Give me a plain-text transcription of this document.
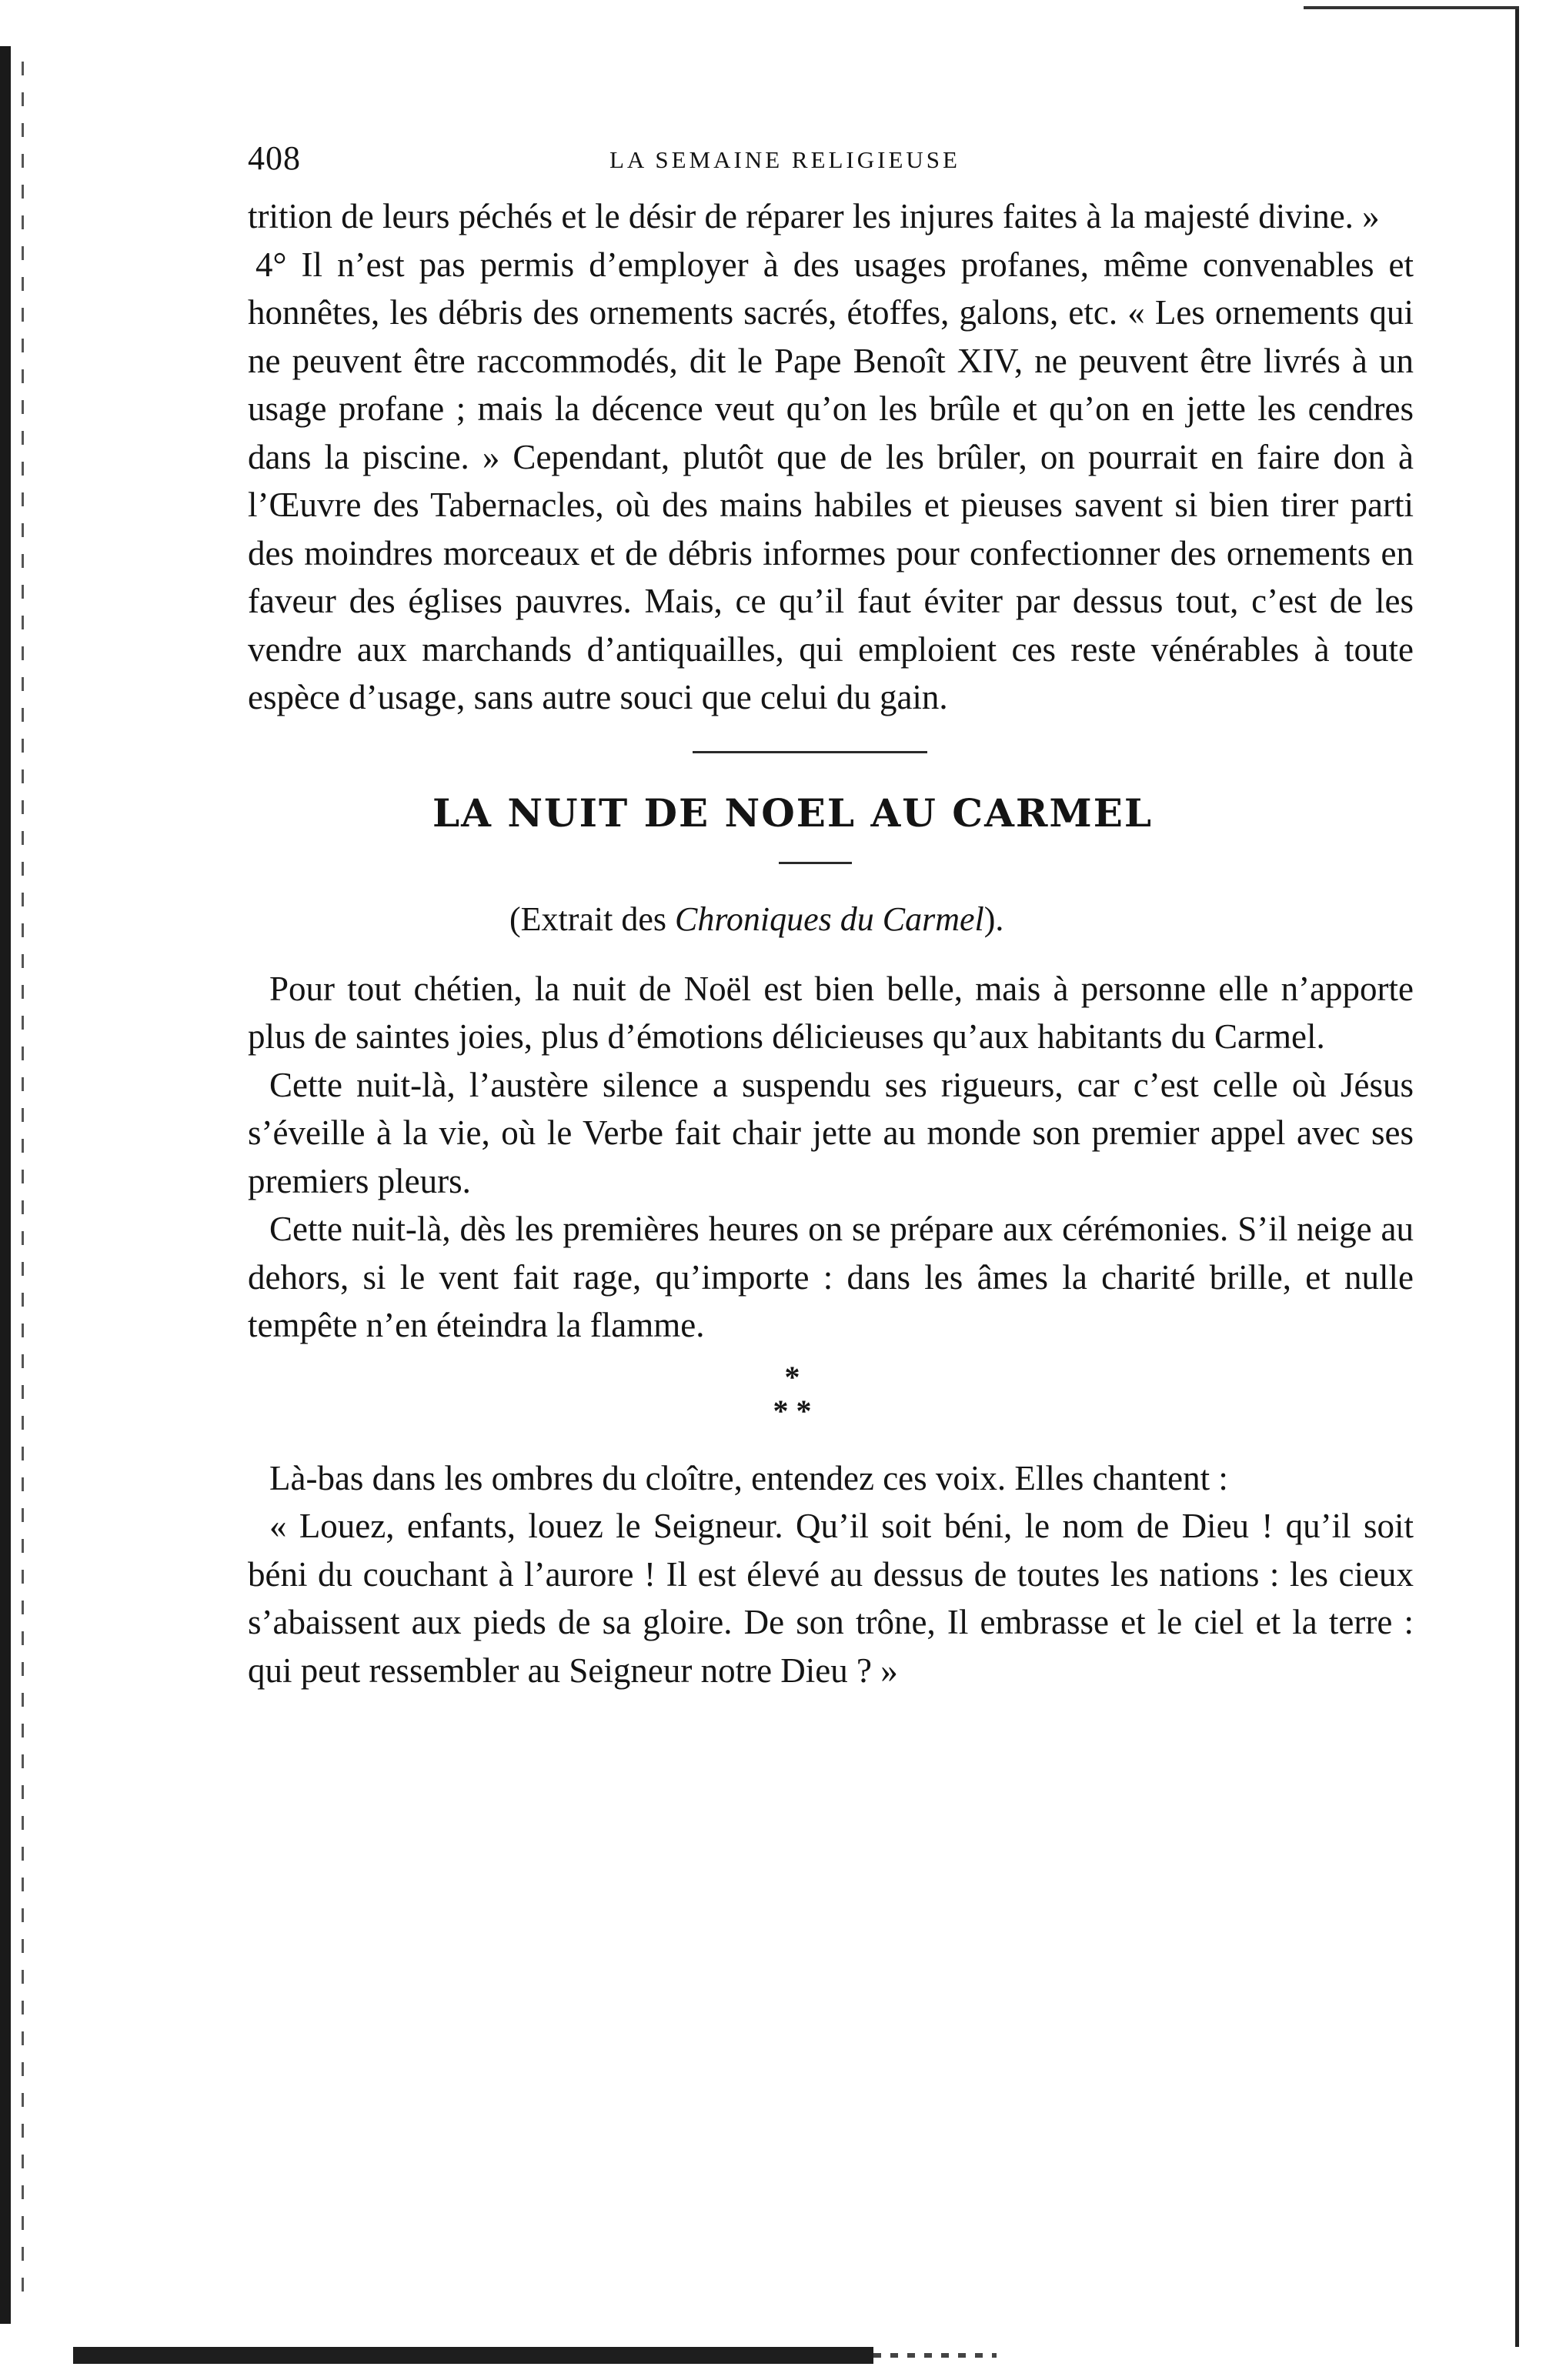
408	LA SEMAINE RELIGIEUSE

trition de leurs péchés et le désir de réparer les injures faites à la majesté divine. »

4° Il n’est pas permis d’employer à des usages profanes, même convenables et honnêtes, les débris des ornements sacrés, étoffes, galons, etc. « Les ornements qui ne peuvent être raccommodés, dit le Pape Benoît XIV, ne peuvent être livrés à un usage profane ; mais la décence veut qu’on les brûle et qu’on en jette les cendres dans la piscine. » Cependant, plutôt que de les brûler, on pourrait en faire don à l’Œuvre des Tabernacles, où des mains habiles et pieuses savent si bien tirer parti des moindres morceaux et de débris informes pour confectionner des ornements en faveur des églises pauvres. Mais, ce qu’il faut éviter par dessus tout, c’est de les vendre aux marchands d’antiquailles, qui emploient ces reste vénérables à toute espèce d’usage, sans autre souci que celui du gain.

LA NUIT DE NOEL AU CARMEL
(Extrait des Chroniques du Carmel).

Pour tout chétien, la nuit de Noël est bien belle, mais à personne elle n’apporte plus de saintes joies, plus d’émotions délicieuses qu’aux habitants du Carmel.

Cette nuit-là, l’austère silence a suspendu ses rigueurs, car c’est celle où Jésus s’éveille à la vie, où le Verbe fait chair jette au monde son premier appel avec ses premiers pleurs.

Cette nuit-là, dès les premières heures on se prépare aux cérémonies. S’il neige au dehors, si le vent fait rage, qu’importe : dans les âmes la charité brille, et nulle tempête n’en éteindra la flamme.

*
* *

Là-bas dans les ombres du cloître, entendez ces voix. Elles chantent :

« Louez, enfants, louez le Seigneur. Qu’il soit béni, le nom de Dieu ! qu’il soit béni du couchant à l’aurore ! Il est élevé au dessus de toutes les nations : les cieux s’abaissent aux pieds de sa gloire. De son trône, Il embrasse et le ciel et la terre : qui peut ressembler au Seigneur notre Dieu ? »
